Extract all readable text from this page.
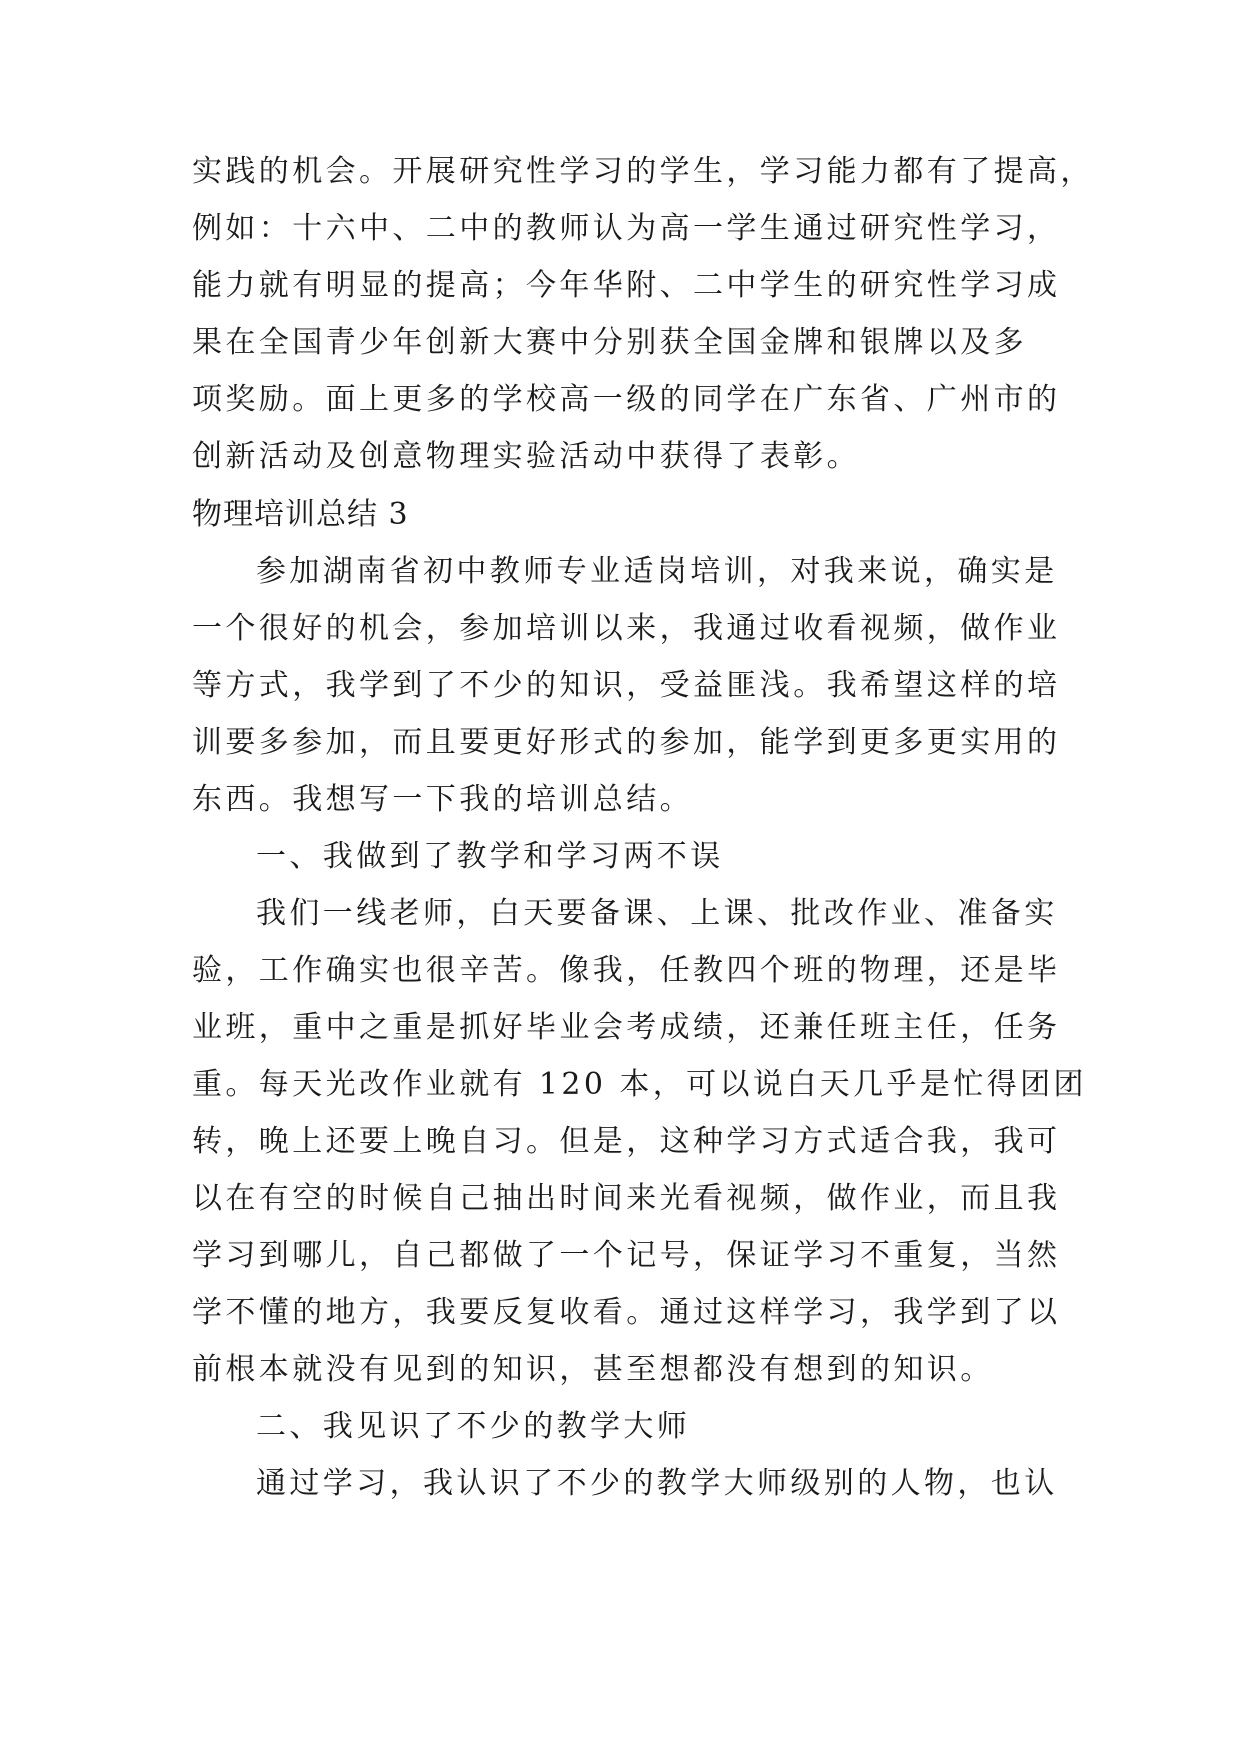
实践的机会。开展研究性学习的学生，学习能力都有了提高，

例如：十六中、二中的教师认为高一学生通过研究性学习，

能力就有明显的提高；今年华附、二中学生的研究性学习成

果在全国青少年创新大赛中分别获全国金牌和银牌以及多

项奖励。面上更多的学校高一级的同学在广东省、广州市的

创新活动及创意物理实验活动中获得了表彰。

物理培训总结 3

参加湖南省初中教师专业适岗培训，对我来说，确实是

一个很好的机会，参加培训以来，我通过收看视频，做作业

等方式，我学到了不少的知识，受益匪浅。我希望这样的培

训要多参加，而且要更好形式的参加，能学到更多更实用的

东西。我想写一下我的培训总结。

一、我做到了教学和学习两不误

我们一线老师，白天要备课、上课、批改作业、准备实

验，工作确实也很辛苦。像我，任教四个班的物理，还是毕

业班，重中之重是抓好毕业会考成绩，还兼任班主任，任务

重。每天光改作业就有 120 本，可以说白天几乎是忙得团团

转，晚上还要上晚自习。但是，这种学习方式适合我，我可

以在有空的时候自己抽出时间来光看视频，做作业，而且我

学习到哪儿，自己都做了一个记号，保证学习不重复，当然

学不懂的地方，我要反复收看。通过这样学习，我学到了以

前根本就没有见到的知识，甚至想都没有想到的知识。

二、我见识了不少的教学大师

通过学习，我认识了不少的教学大师级别的人物，也认
